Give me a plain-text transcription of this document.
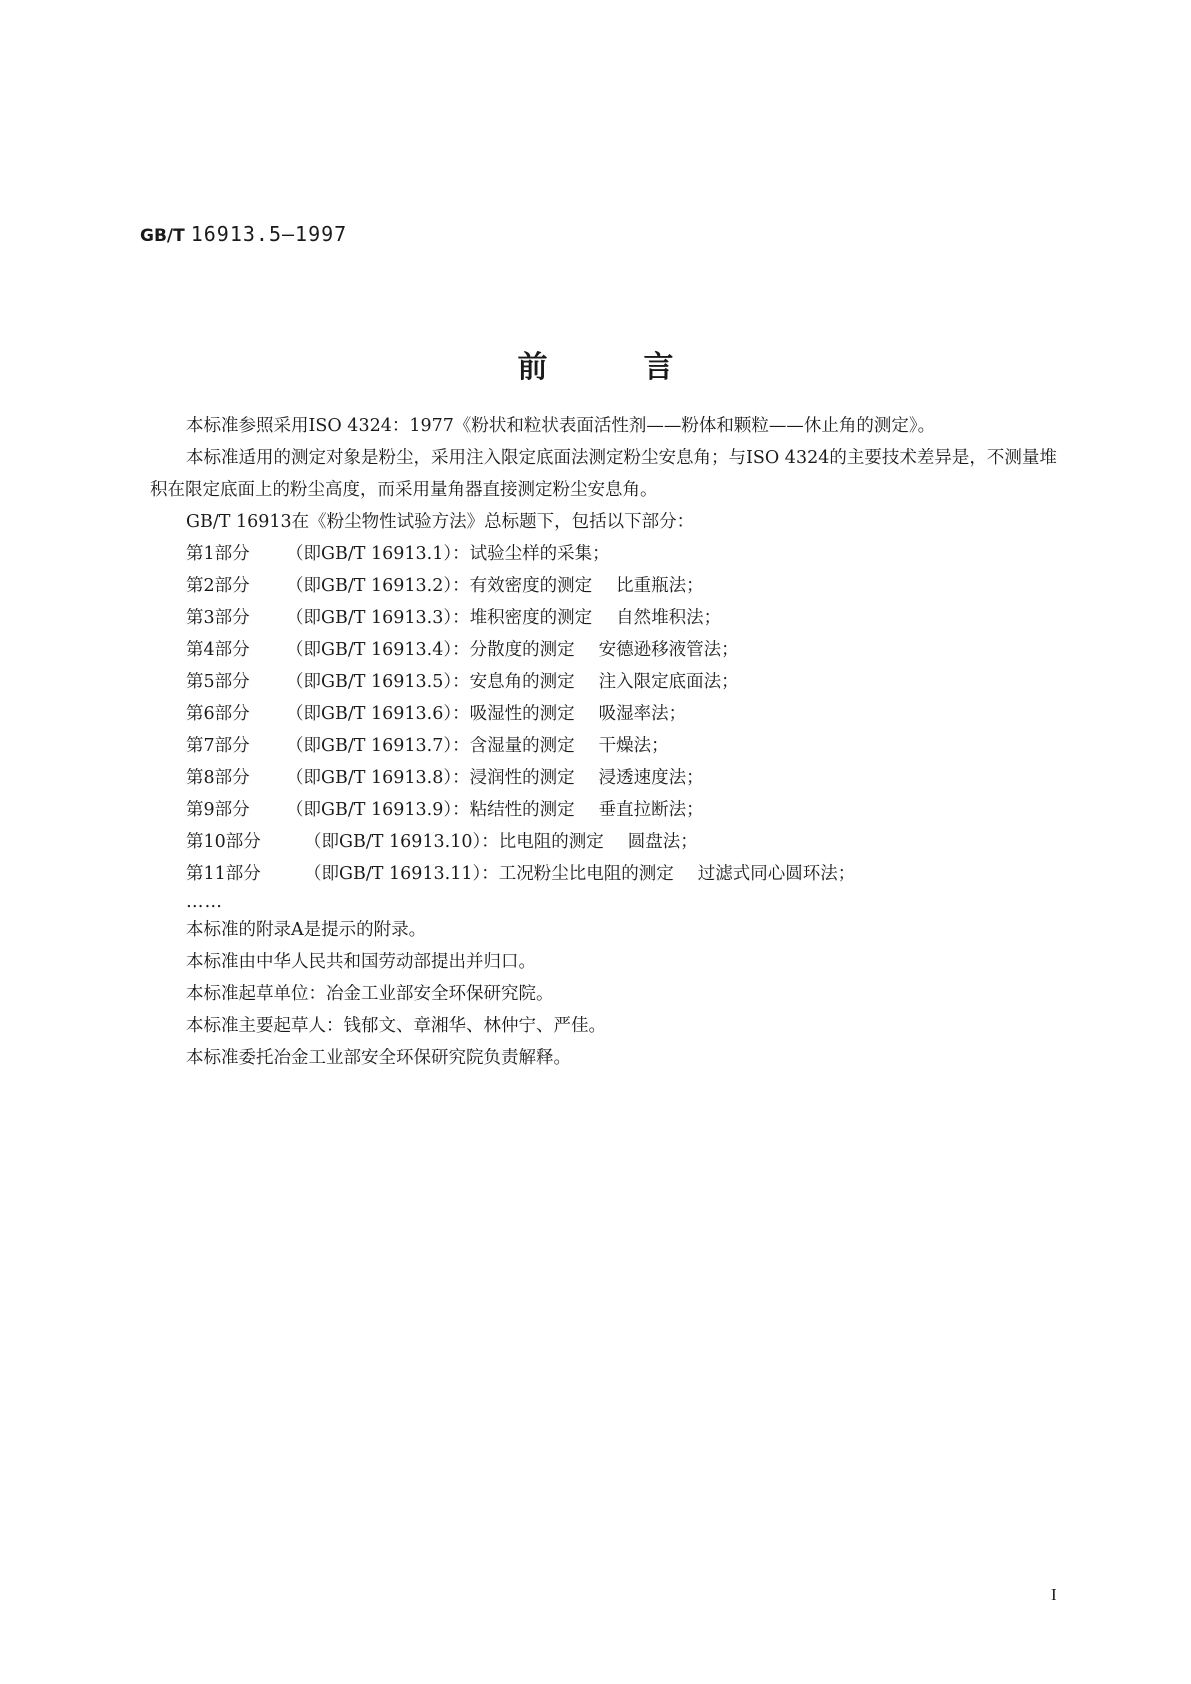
GB/T 16913.5—1997
前言

本标准参照采用ISO 4324：1977《粉状和粒状表面活性剂——粉体和颗粒——休止角的测定》。

本标准适用的测定对象是粉尘，采用注入限定底面法测定粉尘安息角；与ISO 4324的主要技术差异是，不测量堆积在限定底面上的粉尘高度，而采用量角器直接测定粉尘安息角。

GB/T 16913在《粉尘物性试验方法》总标题下，包括以下部分：

第1部分 （即GB/T 16913.1）：试验尘样的采集；
第2部分 （即GB/T 16913.2）：有效密度的测定 比重瓶法；
第3部分 （即GB/T 16913.3）：堆积密度的测定 自然堆积法；
第4部分 （即GB/T 16913.4）：分散度的测定 安德逊移液管法；
第5部分 （即GB/T 16913.5）：安息角的测定 注入限定底面法；
第6部分 （即GB/T 16913.6）：吸湿性的测定 吸湿率法；
第7部分 （即GB/T 16913.7）：含湿量的测定 干燥法；
第8部分 （即GB/T 16913.8）：浸润性的测定 浸透速度法；
第9部分 （即GB/T 16913.9）：粘结性的测定 垂直拉断法；
第10部分 （即GB/T 16913.10）：比电阻的测定 圆盘法；
第11部分 （即GB/T 16913.11）：工况粉尘比电阻的测定 过滤式同心圆环法；
……

本标准的附录A是提示的附录。

本标准由中华人民共和国劳动部提出并归口。

本标准起草单位：冶金工业部安全环保研究院。

本标准主要起草人：钱郁文、章湘华、林仲宁、严佳。

本标准委托冶金工业部安全环保研究院负责解释。

I
